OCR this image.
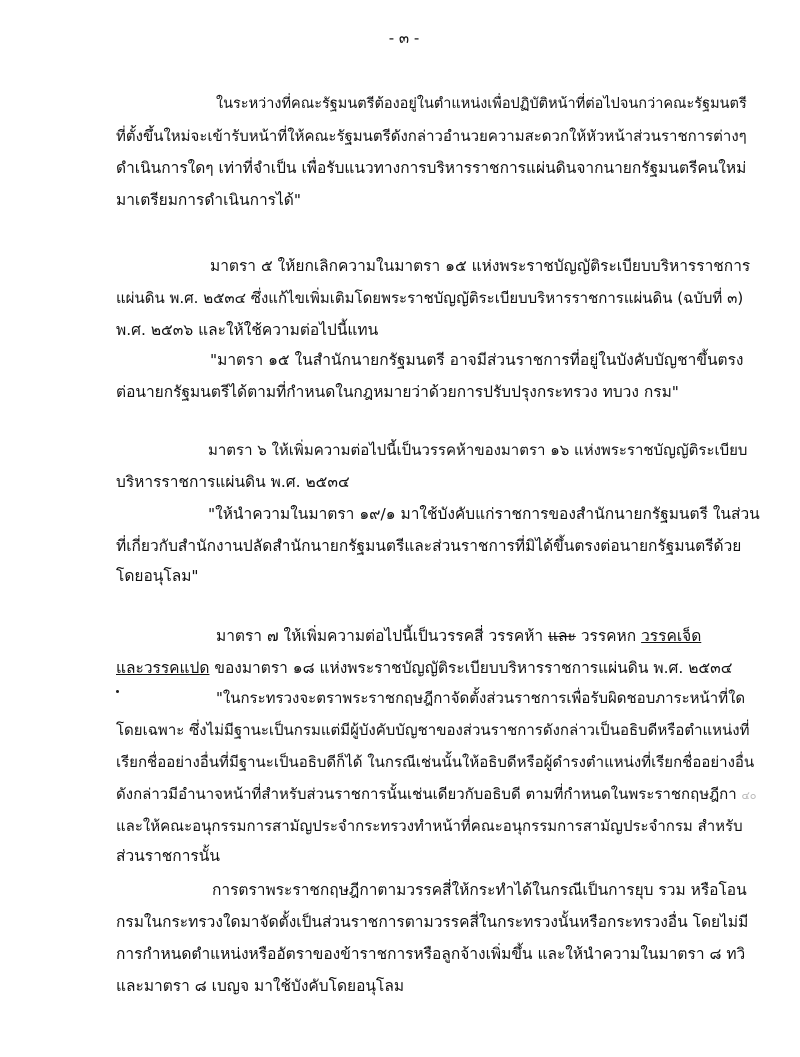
- ๓ -
ในระหว่างที่คณะรัฐมนตรีต้องอยู่ในตำแหน่งเพื่อปฏิบัติหน้าที่ต่อไปจนกว่าคณะรัฐมนตรี
ที่ตั้งขึ้นใหม่จะเข้ารับหน้าที่ให้คณะรัฐมนตรีดังกล่าวอำนวยความสะดวกให้หัวหน้าส่วนราชการต่างๆ
ดำเนินการใดๆ เท่าที่จำเป็น เพื่อรับแนวทางการบริหารราชการแผ่นดินจากนายกรัฐมนตรีคนใหม่
มาเตรียมการดำเนินการได้"
มาตรา ๕ ให้ยกเลิกความในมาตรา ๑๕ แห่งพระราชบัญญัติระเบียบบริหารราชการ
แผ่นดิน พ.ศ. ๒๕๓๔ ซึ่งแก้ไขเพิ่มเติมโดยพระราชบัญญัติระเบียบบริหารราชการแผ่นดิน (ฉบับที่ ๓)
พ.ศ. ๒๕๓๖ และให้ใช้ความต่อไปนี้แทน
"มาตรา ๑๕ ในสำนักนายกรัฐมนตรี อาจมีส่วนราชการที่อยู่ในบังคับบัญชาขึ้นตรง
ต่อนายกรัฐมนตรีได้ตามที่กำหนดในกฎหมายว่าด้วยการปรับปรุงกระทรวง ทบวง กรม"
มาตรา ๖ ให้เพิ่มความต่อไปนี้เป็นวรรคห้าของมาตรา ๑๖ แห่งพระราชบัญญัติระเบียบ
บริหารราชการแผ่นดิน พ.ศ. ๒๕๓๔
"ให้นำความในมาตรา ๑๙/๑ มาใช้บังคับแก่ราชการของสำนักนายกรัฐมนตรี ในส่วน
ที่เกี่ยวกับสำนักงานปลัดสำนักนายกรัฐมนตรีและส่วนราชการที่มิได้ขึ้นตรงต่อนายกรัฐมนตรีด้วย
โดยอนุโลม"
มาตรา ๗ ให้เพิ่มความต่อไปนี้เป็นวรรคสี่ วรรคห้า และ วรรคหก วรรคเจ็ด
และวรรคแปด ของมาตรา ๑๘ แห่งพระราชบัญญัติระเบียบบริหารราชการแผ่นดิน พ.ศ. ๒๕๓๔
"ในกระทรวงจะตราพระราชกฤษฎีกาจัดตั้งส่วนราชการเพื่อรับผิดชอบภาระหน้าที่ใด
โดยเฉพาะ ซึ่งไม่มีฐานะเป็นกรมแต่มีผู้บังคับบัญชาของส่วนราชการดังกล่าวเป็นอธิบดีหรือตำแหน่งที่
เรียกชื่ออย่างอื่นที่มีฐานะเป็นอธิบดีก็ได้ ในกรณีเช่นนั้นให้อธิบดีหรือผู้ดำรงตำแหน่งที่เรียกชื่ออย่างอื่น
ดังกล่าวมีอำนาจหน้าที่สำหรับส่วนราชการนั้นเช่นเดียวกับอธิบดี ตามที่กำหนดในพระราชกฤษฎีกา ๔๐
และให้คณะอนุกรรมการสามัญประจำกระทรวงทำหน้าที่คณะอนุกรรมการสามัญประจำกรม สำหรับ
ส่วนราชการนั้น
การตราพระราชกฤษฎีกาตามวรรคสี่ให้กระทำได้ในกรณีเป็นการยุบ รวม หรือโอน
กรมในกระทรวงใดมาจัดตั้งเป็นส่วนราชการตามวรรคสี่ในกระทรวงนั้นหรือกระทรวงอื่น โดยไม่มี
การกำหนดตำแหน่งหรืออัตราของข้าราชการหรือลูกจ้างเพิ่มขึ้น และให้นำความในมาตรา ๘ ทวิ
และมาตรา ๘ เบญจ มาใช้บังคับโดยอนุโลม
